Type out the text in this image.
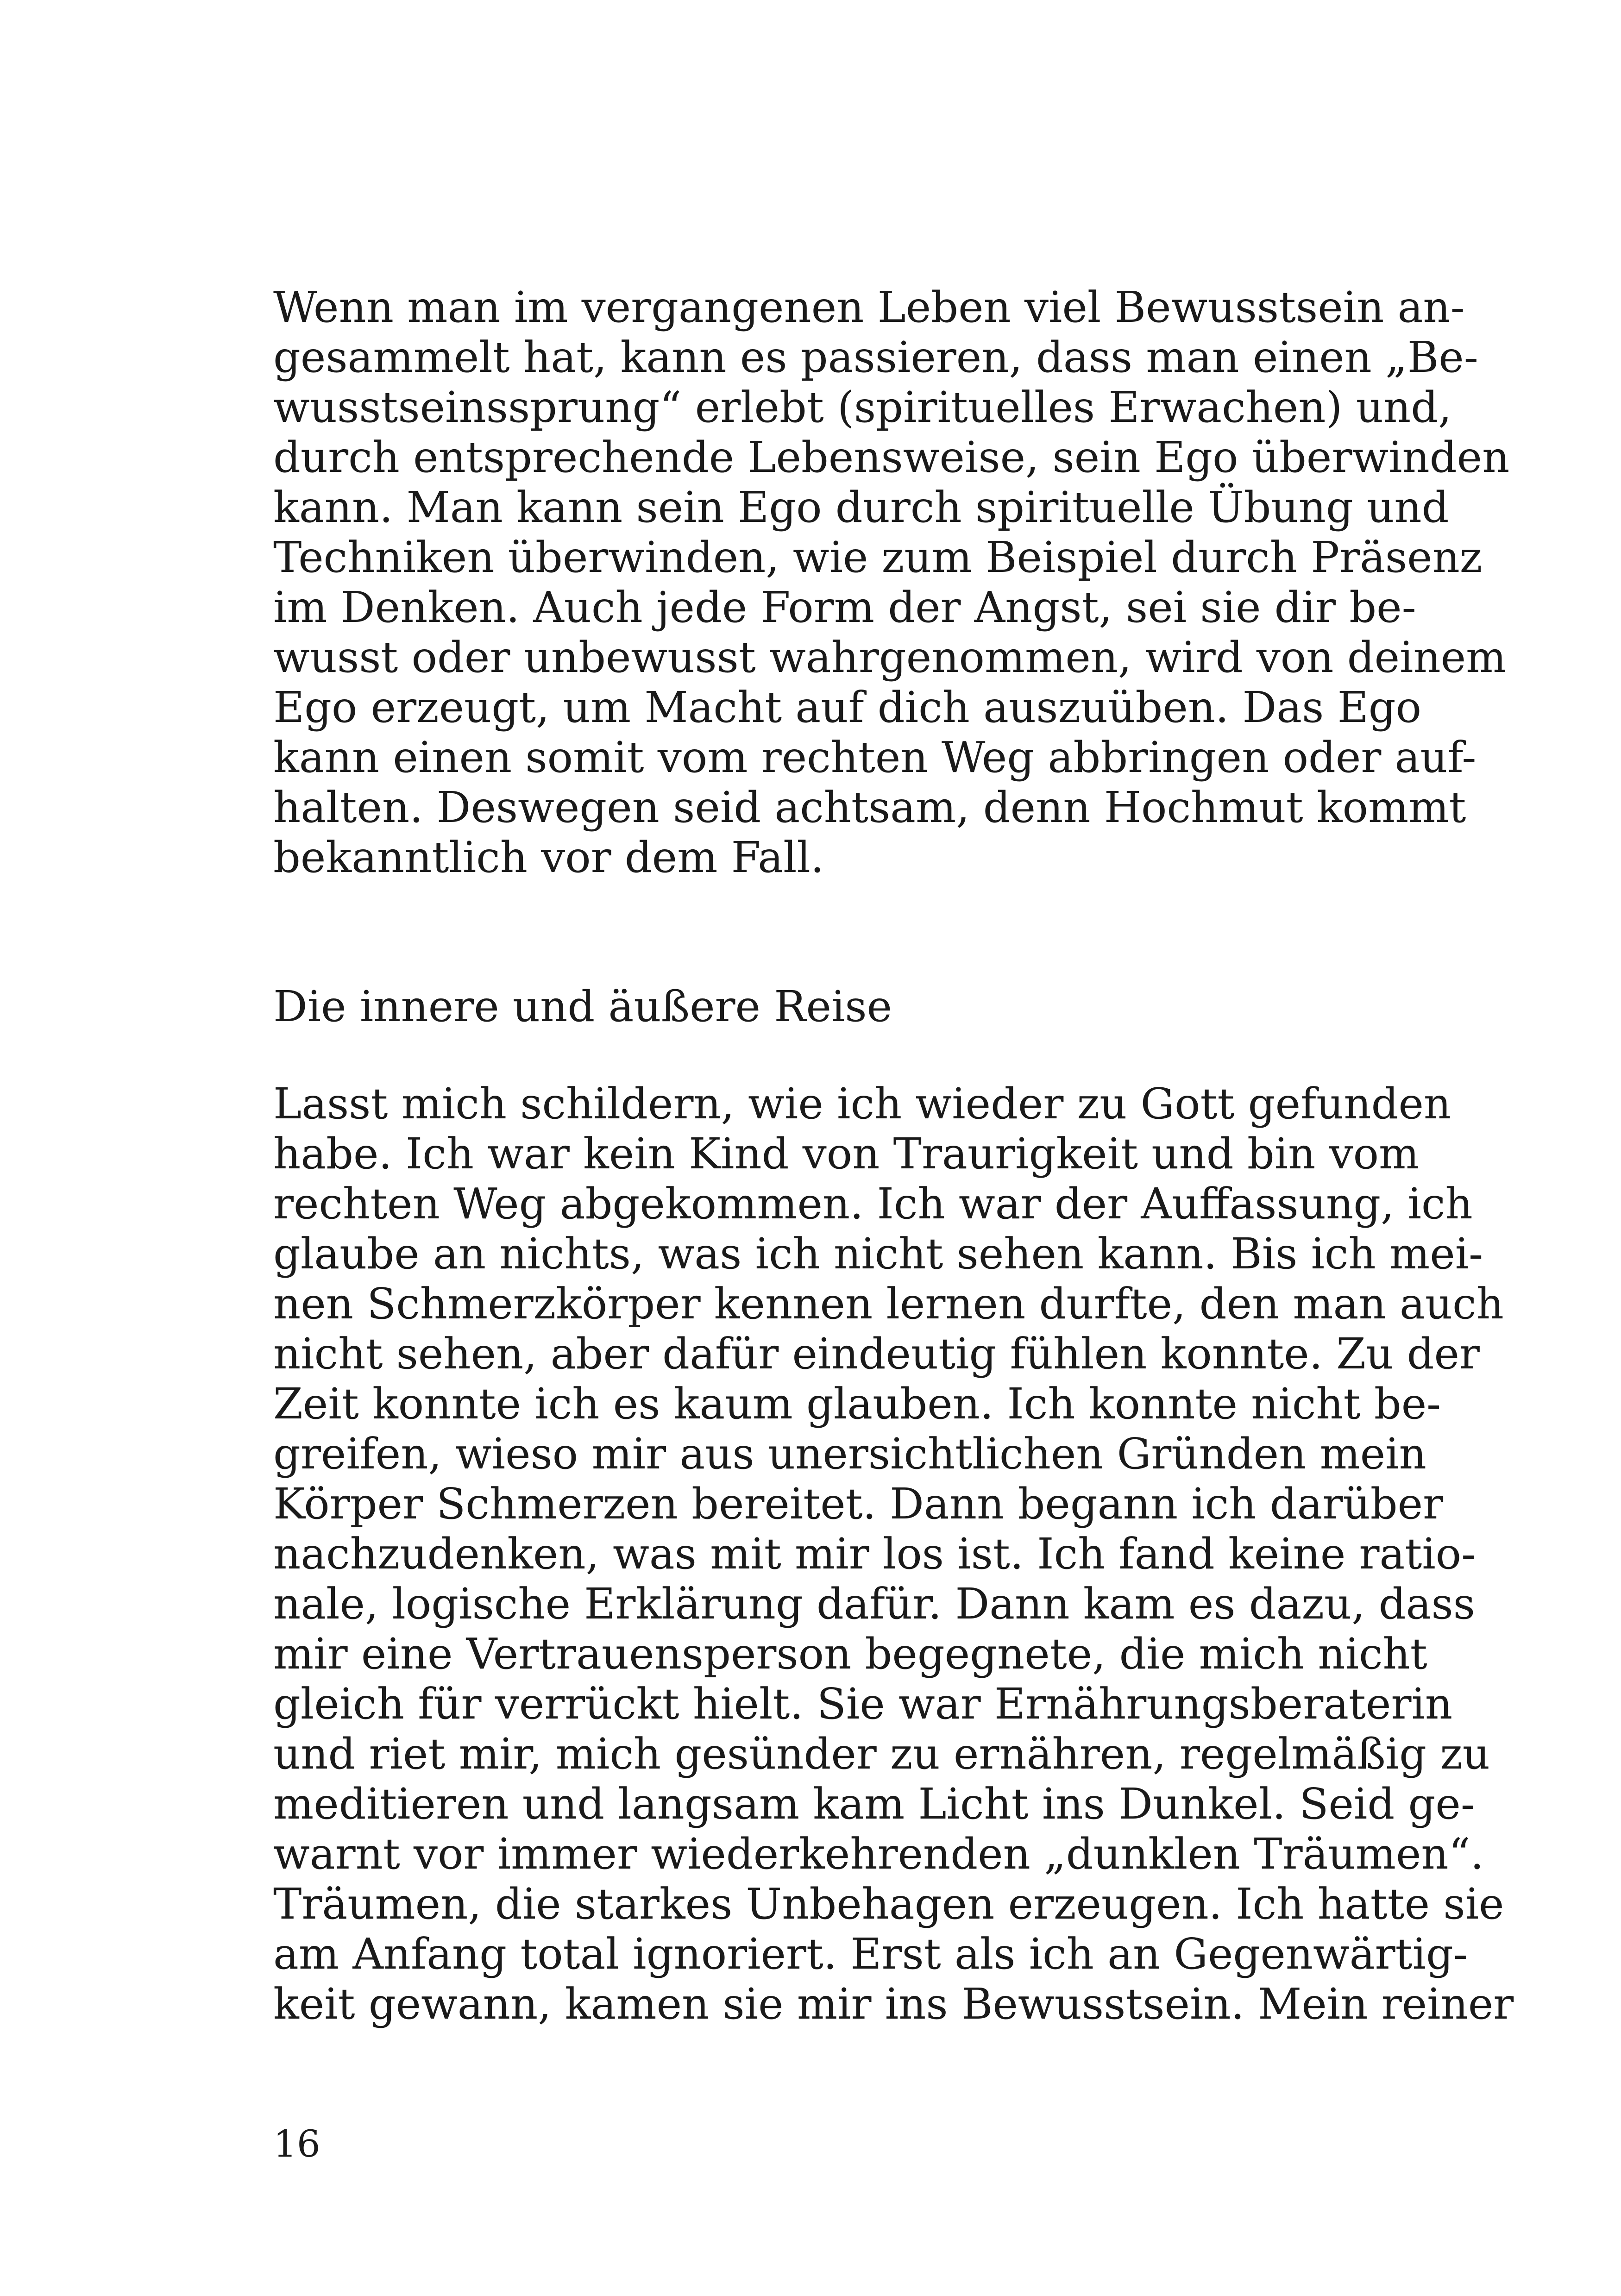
Wenn man im vergangenen Leben viel Bewusstsein an-
gesammelt hat, kann es passieren, dass man einen „Be-
wusstseinssprung“ erlebt (spirituelles Erwachen) und,
durch entsprechende Lebensweise, sein Ego überwinden
kann. Man kann sein Ego durch spirituelle Übung und
Techniken überwinden, wie zum Beispiel durch Präsenz
im Denken. Auch jede Form der Angst, sei sie dir be-
wusst oder unbewusst wahrgenommen, wird von deinem
Ego erzeugt, um Macht auf dich auszuüben. Das Ego
kann einen somit vom rechten Weg abbringen oder auf-
halten. Deswegen seid achtsam, denn Hochmut kommt
bekanntlich vor dem Fall.
Die innere und äußere Reise
Lasst mich schildern, wie ich wieder zu Gott gefunden
habe. Ich war kein Kind von Traurigkeit und bin vom
rechten Weg abgekommen. Ich war der Auffassung, ich
glaube an nichts, was ich nicht sehen kann. Bis ich mei-
nen Schmerzkörper kennen lernen durfte, den man auch
nicht sehen, aber dafür eindeutig fühlen konnte. Zu der
Zeit konnte ich es kaum glauben. Ich konnte nicht be-
greifen, wieso mir aus unersichtlichen Gründen mein
Körper Schmerzen bereitet. Dann begann ich darüber
nachzudenken, was mit mir los ist. Ich fand keine ratio-
nale, logische Erklärung dafür. Dann kam es dazu, dass
mir eine Vertrauensperson begegnete, die mich nicht
gleich für verrückt hielt. Sie war Ernährungsberaterin
und riet mir, mich gesünder zu ernähren, regelmäßig zu
meditieren und langsam kam Licht ins Dunkel. Seid ge-
warnt vor immer wiederkehrenden „dunklen Träumen“.
Träumen, die starkes Unbehagen erzeugen. Ich hatte sie
am Anfang total ignoriert. Erst als ich an Gegenwärtig-
keit gewann, kamen sie mir ins Bewusstsein. Mein reiner
16
